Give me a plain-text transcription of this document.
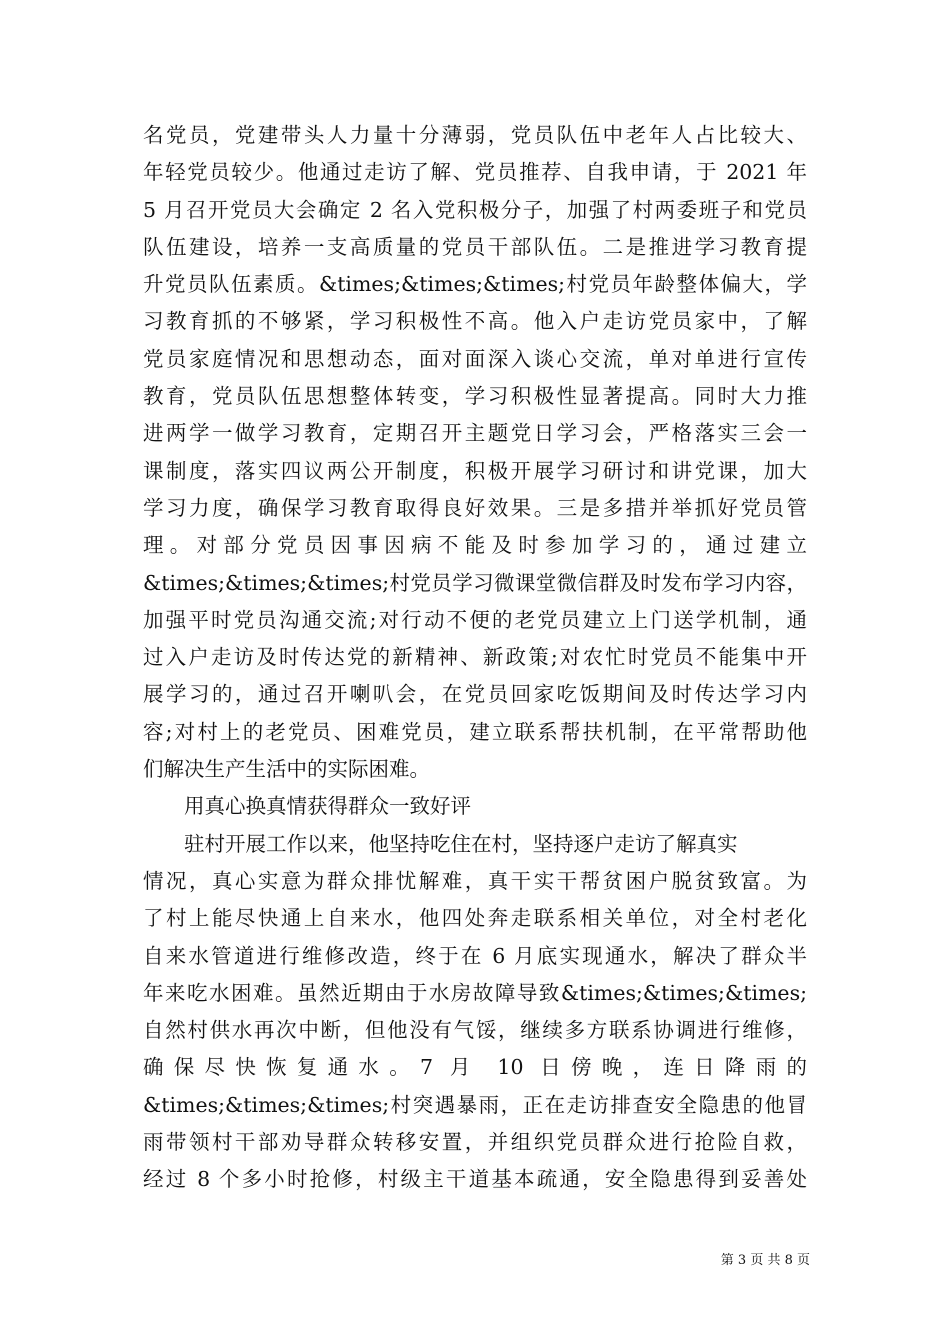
名党员，党建带头人力量十分薄弱，党员队伍中老年人占比较大、
年轻党员较少。他通过走访了解、党员推荐、自我申请，于 2021 年
5 月召开党员大会确定 2 名入党积极分子，加强了村两委班子和党员
队伍建设，培养一支高质量的党员干部队伍。二是推进学习教育提
升党员队伍素质。&times;&times;&times;村党员年龄整体偏大，学
习教育抓的不够紧，学习积极性不高。他入户走访党员家中，了解
党员家庭情况和思想动态，面对面深入谈心交流，单对单进行宣传
教育，党员队伍思想整体转变，学习积极性显著提高。同时大力推
进两学一做学习教育，定期召开主题党日学习会，严格落实三会一
课制度，落实四议两公开制度，积极开展学习研讨和讲党课，加大
学习力度，确保学习教育取得良好效果。三是多措并举抓好党员管
理。对部分党员因事因病不能及时参加学习的，通过建立
&times;&times;&times;村党员学习微课堂微信群及时发布学习内容，
加强平时党员沟通交流;对行动不便的老党员建立上门送学机制，通
过入户走访及时传达党的新精神、新政策;对农忙时党员不能集中开
展学习的，通过召开喇叭会，在党员回家吃饭期间及时传达学习内
容;对村上的老党员、困难党员，建立联系帮扶机制，在平常帮助他
们解决生产生活中的实际困难。
用真心换真情获得群众一致好评
驻村开展工作以来，他坚持吃住在村，坚持逐户走访了解真实
情况，真心实意为群众排忧解难，真干实干帮贫困户脱贫致富。为
了村上能尽快通上自来水，他四处奔走联系相关单位，对全村老化
自来水管道进行维修改造，终于在 6 月底实现通水，解决了群众半
年来吃水困难。虽然近期由于水房故障导致&times;&times;&times;
自然村供水再次中断，但他没有气馁，继续多方联系协调进行维修，
确保尽快恢复通水。7 月 10 日傍晚，连日降雨的
&times;&times;&times;村突遇暴雨，正在走访排查安全隐患的他冒
雨带领村干部劝导群众转移安置，并组织党员群众进行抢险自救，
经过 8 个多小时抢修，村级主干道基本疏通，安全隐患得到妥善处
第 3 页 共 8 页
